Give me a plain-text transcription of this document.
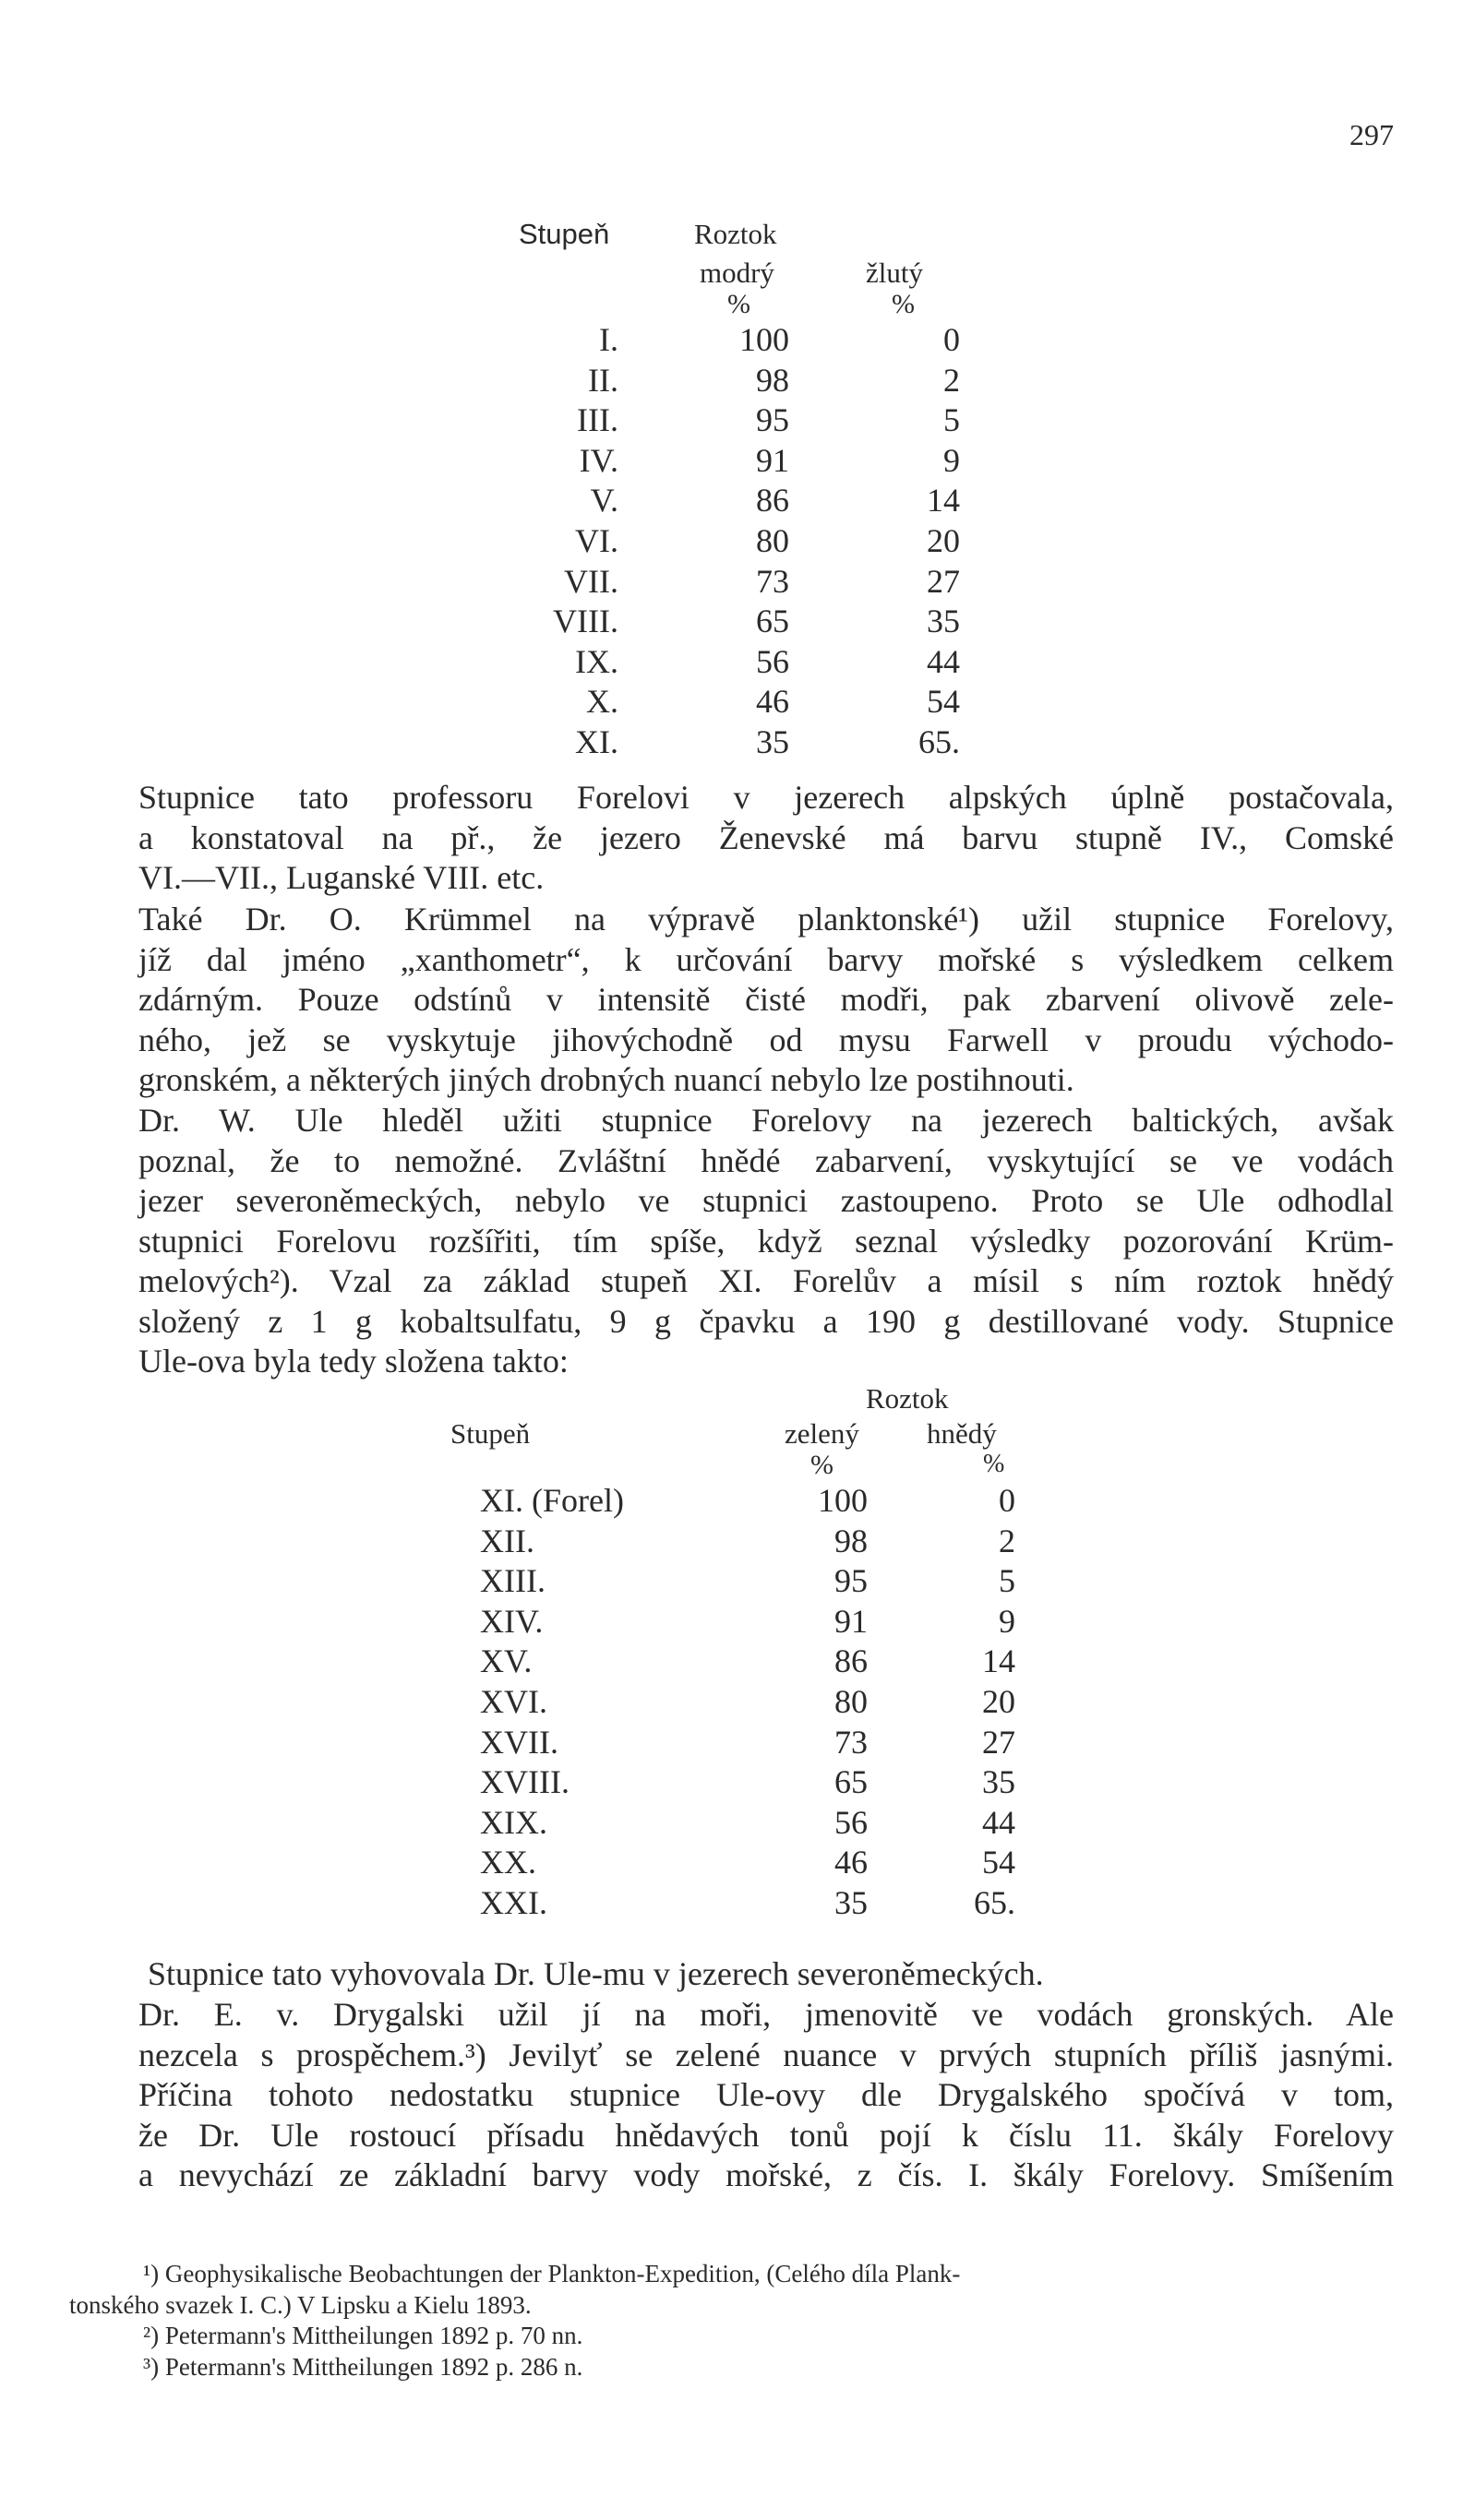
297
Stupeň	Roztok
modrý	žlutý
%	%
I.	100	0
II.	98	2
III.	95	5
IV.	91	9
V.	86	14
VI.	80	20
VII.	73	27
VIII.	65	35
IX.	56	44
X.	46	54
XI.	35	65.
Stupnice tato professoru Forelovi v jezerech alpských úplně postačovala,
a konstatoval na př., že jezero Ženevské má barvu stupně IV., Comské
VI.—VII., Luganské VIII. etc.
Také Dr. O. Krümmel na výpravě planktonské¹) užil stupnice Forelovy,
jíž dal jméno „xanthometr“, k určování barvy mořské s výsledkem celkem
zdárným. Pouze odstínů v intensitě čisté modři, pak zbarvení olivově zele-
ného, jež se vyskytuje jihovýchodně od mysu Farwell v proudu východo-
gronském, a některých jiných drobných nuancí nebylo lze postihnouti.
Dr. W. Ule hleděl užiti stupnice Forelovy na jezerech baltických, avšak
poznal, že to nemožné. Zvláštní hnědé zabarvení, vyskytující se ve vodách
jezer severoněmeckých, nebylo ve stupnici zastoupeno. Proto se Ule odhodlal
stupnici Forelovu rozšířiti, tím spíše, když seznal výsledky pozorování Krüm-
melových²). Vzal za základ stupeň XI. Forelův a mísil s ním roztok hnědý
složený z 1 g kobaltsulfatu, 9 g čpavku a 190 g destillované vody. Stupnice
Ule-ova byla tedy složena takto:
Roztok
Stupeň	zelený hnědý
%	%
XI. (Forel)	100	0
XII.	98	2
XIII.	95	5
XIV.	91	9
XV.	86	14
XVI.	80	20
XVII.	73	27
XVIII.	65	35
XIX.	56	44
XX.	46	54
XXI.	35	65.
Stupnice tato vyhovovala Dr. Ule-mu v jezerech severoněmeckých.
Dr. E. v. Drygalski užil jí na moři, jmenovitě ve vodách gronských. Ale
nezcela s prospěchem.³) Jevilyť se zelené nuance v prvých stupních příliš jasnými.
Příčina tohoto nedostatku stupnice Ule-ovy dle Drygalského spočívá v tom,
že Dr. Ule rostoucí přísadu hnědavých tonů pojí k číslu 11. škály Forelovy
a nevychází ze základní barvy vody mořské, z čís. I. škály Forelovy. Smíšením
¹) Geophysikalische Beobachtungen der Plankton-Expedition, (Celého díla Plank-
tonského svazek I. C.) V Lipsku a Kielu 1893.
²) Petermann's Mittheilungen 1892 p. 70 nn.
³) Petermann's Mittheilungen 1892 p. 286 n.
